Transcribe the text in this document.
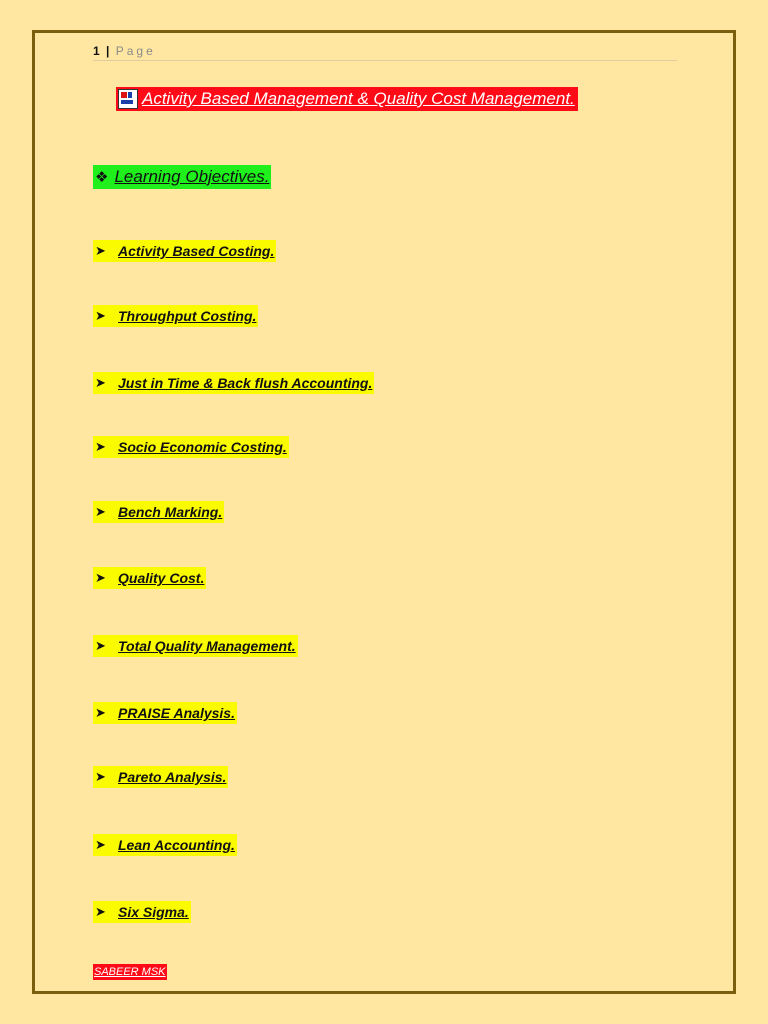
1 | Page
Activity Based Management & Quality Cost Management.
❖ Learning Objectives.
➤ Activity Based Costing.
➤ Throughput Costing.
➤ Just in Time & Back flush Accounting.
➤ Socio Economic Costing.
➤ Bench Marking.
➤ Quality Cost.
➤ Total Quality Management.
➤ PRAISE Analysis.
➤ Pareto Analysis.
➤ Lean Accounting.
➤ Six Sigma.
SABEER MSK
